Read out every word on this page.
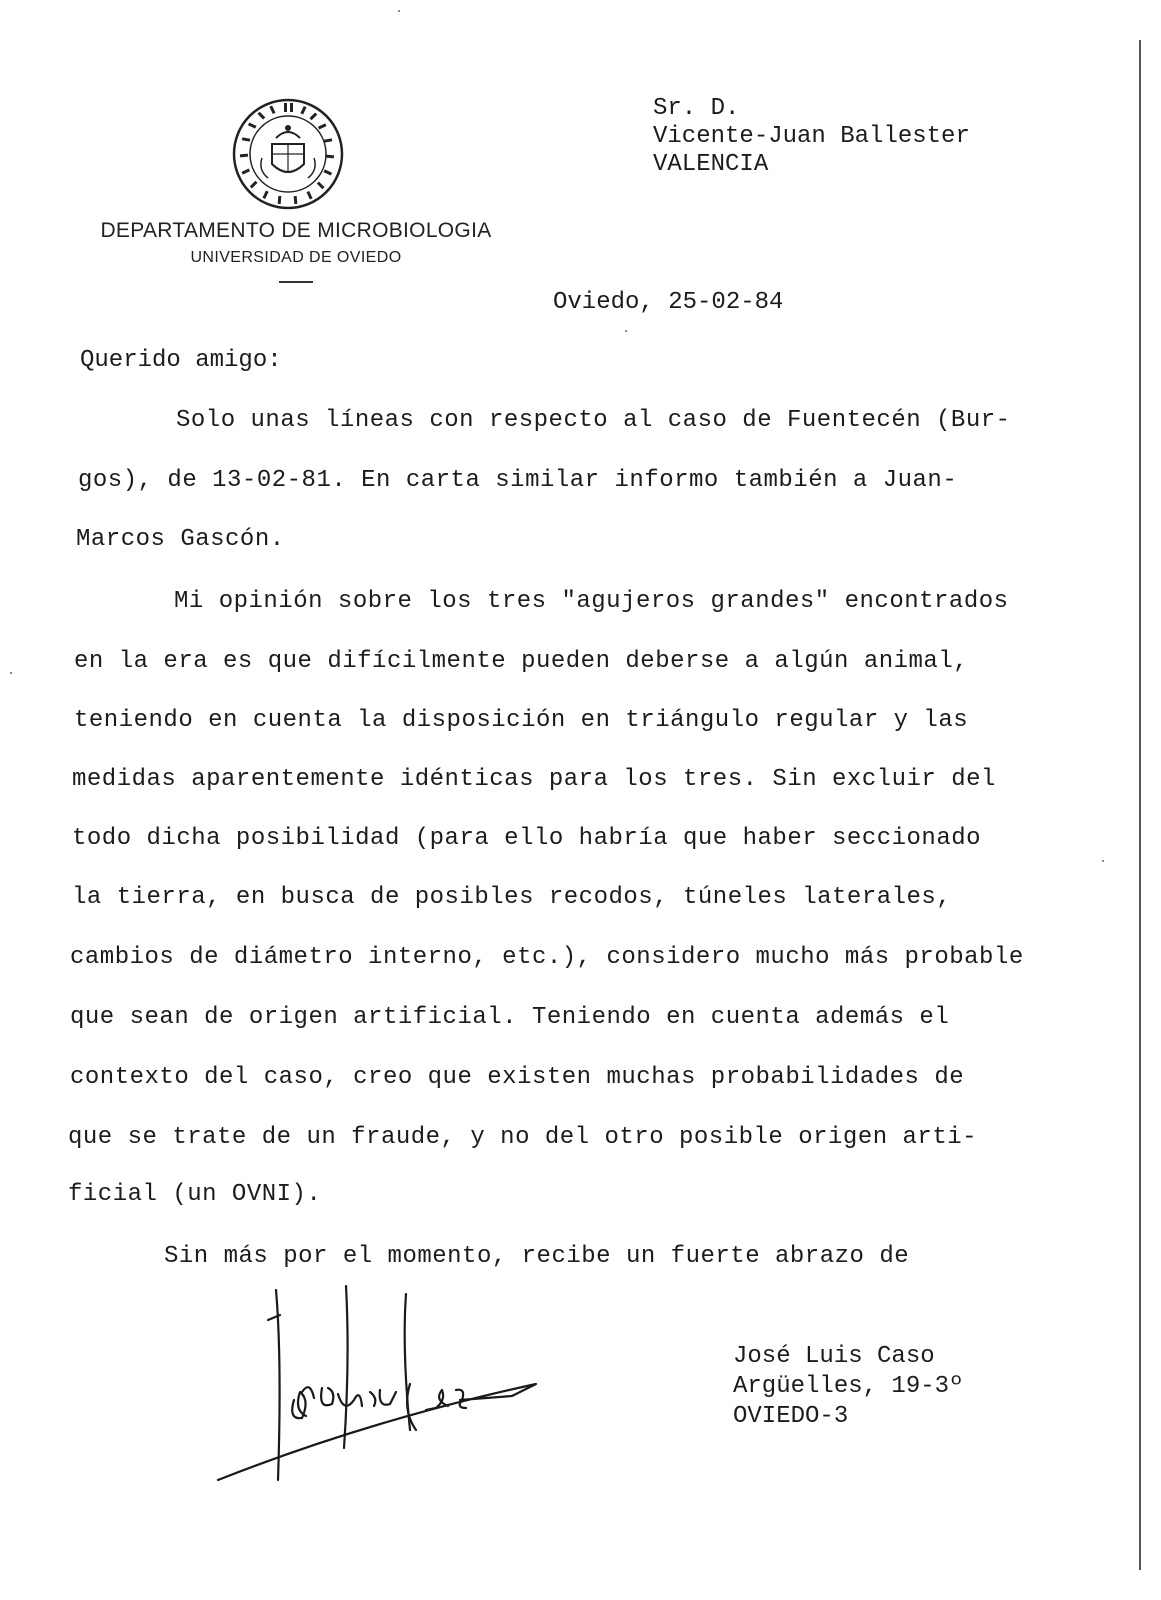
DEPARTAMENTO DE MICROBIOLOGIA
UNIVERSIDAD DE OVIEDO
Sr. D.
Vicente-Juan Ballester
VALENCIA
Oviedo, 25-02-84
Querido amigo:
Solo unas líneas con respecto al caso de Fuentecén (Bur-
gos), de 13-02-81. En carta similar informo también a Juan-
Marcos Gascón.
Mi opinión sobre los tres "agujeros grandes" encontrados
en la era es que difícilmente pueden deberse a algún animal,
teniendo en cuenta la disposición en triángulo regular y las
medidas aparentemente idénticas para los tres. Sin excluir del
todo dicha posibilidad (para ello habría que haber seccionado
la tierra, en busca de posibles recodos, túneles laterales,
cambios de diámetro interno, etc.), considero mucho más probable
que sean de origen artificial. Teniendo en cuenta además el
contexto del caso, creo que existen muchas probabilidades de
que se trate de un fraude, y no del otro posible origen arti-
ficial (un OVNI).
Sin más por el momento, recibe un fuerte abrazo de
José Luis Caso
Argüelles, 19-3º
OVIEDO-3
